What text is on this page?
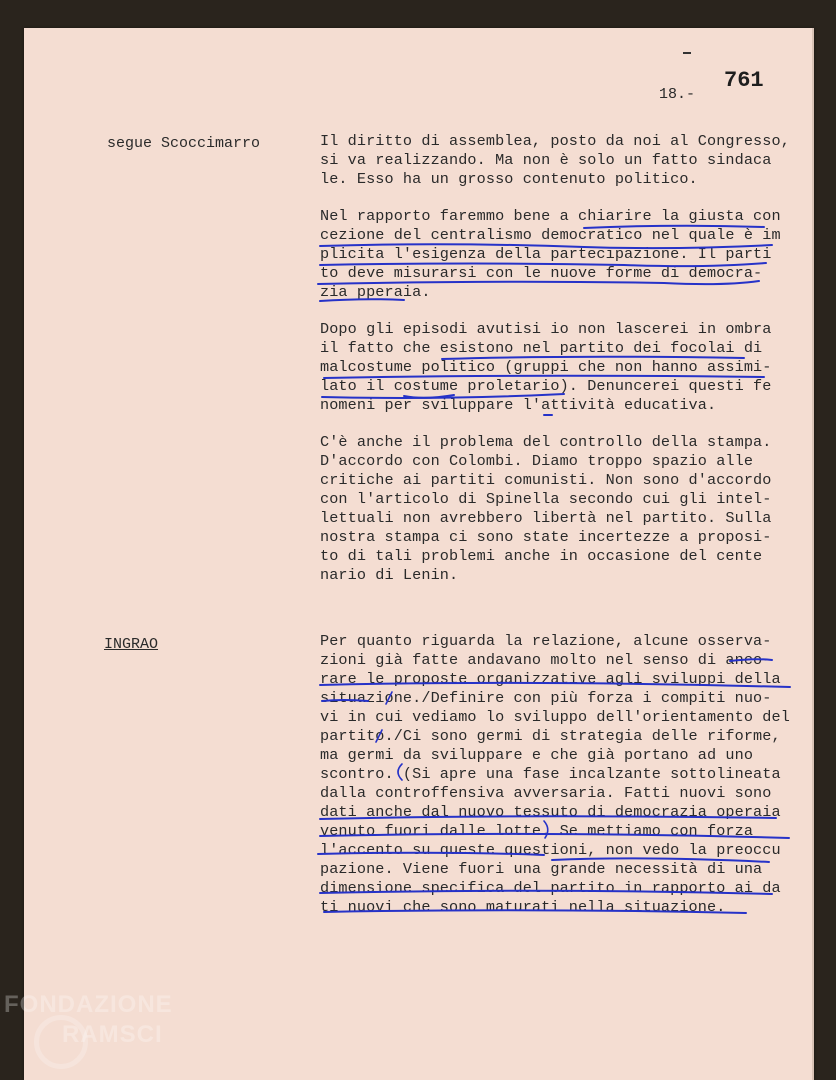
761
18.-
segue Scoccimarro
INGRAO
Il diritto di assemblea, posto da noi al Congresso,
si va realizzando. Ma non è solo un fatto sindaca
le. Esso ha un grosso contenuto politico.
Nel rapporto faremmo bene a chiarire la giusta con
cezione del centralismo democratico nel quale è im
plicita l'esigenza della partecipazione. Il parti
to deve misurarsi con le nuove forme di democra-
zia pperaia.
Dopo gli episodi avutisi io non lascerei in ombra
il fatto che esistono nel partito dei focolai di
malcostume politico (gruppi che non hanno assimi-
lato il costume proletario). Denuncerei questi fe
nomeni per sviluppare l'attività educativa.
C'è anche il problema del controllo della stampa.
D'accordo con Colombi. Diamo troppo spazio alle
critiche ai partiti comunisti. Non sono d'accordo
con l'articolo di Spinella secondo cui gli intel-
lettuali non avrebbero libertà nel partito. Sulla
nostra stampa ci sono state incertezze a proposi-
to di tali problemi anche in occasione del cente
nario di Lenin.
Per quanto riguarda la relazione, alcune osserva-
zioni già fatte andavano molto nel senso di anco-
rare le proposte organizzative agli sviluppi della
situazione./Definire con più forza i compiti nuo-
vi in cui vediamo lo sviluppo dell'orientamento del
partito./Ci sono germi di strategia delle riforme,
ma germi da sviluppare e che già portano ad uno
scontro. (Si apre una fase incalzante sottolineata
dalla controffensiva avversaria. Fatti nuovi sono
dati anche dal nuovo tessuto di democrazia operaia
venuto fuori dalle lotte. Se mettiamo con forza
l'accento su queste questioni, non vedo la preoccu
pazione. Viene fuori una grande necessità di una
dimensione specifica del partito in rapporto ai da
ti nuovi che sono maturati nella situazione.
FONDAZIONE
RAMSCI
